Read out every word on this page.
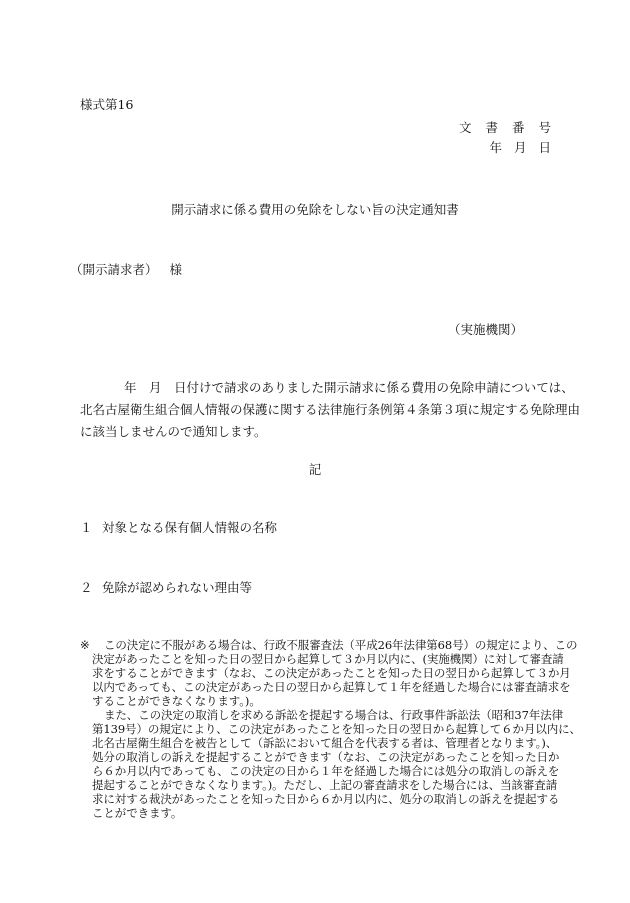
様式第16
文書番号
年 月 日
開示請求に係る費用の免除をしない旨の決定通知書
（開示請求者） 様
（実施機関）
年　月　日付けで請求のありました開示請求に係る費用の免除申請については、
北名古屋衛生組合個人情報の保護に関する法律施行条例第４条第３項に規定する免除理由
に該当しませんので通知します。
記
１ 対象となる保有個人情報の名称
２ 免除が認められない理由等
※	この決定に不服がある場合は、行政不服審査法（平成26年法律第68号）の規定により、この
決定があったことを知った日の翌日から起算して３か月以内に、(実施機関）に対して審査請
求をすることができます（なお、この決定があったことを知った日の翌日から起算して３か月
以内であっても、この決定があった日の翌日から起算して１年を経過した場合には審査請求を
することができなくなります。)。
また、この決定の取消しを求める訴訟を提起する場合は、行政事件訴訟法（昭和37年法律
第139号）の規定により、この決定があったことを知った日の翌日から起算して６か月以内に、
北名古屋衛生組合を被告として（訴訟において組合を代表する者は、管理者となります。)、
処分の取消しの訴えを提起することができます（なお、この決定があったことを知った日か
ら６か月以内であっても、この決定の日から１年を経過した場合には処分の取消しの訴えを
提起することができなくなります。)。ただし、上記の審査請求をした場合には、当該審査請
求に対する裁決があったことを知った日から６か月以内に、処分の取消しの訴えを提起する
ことができます。
